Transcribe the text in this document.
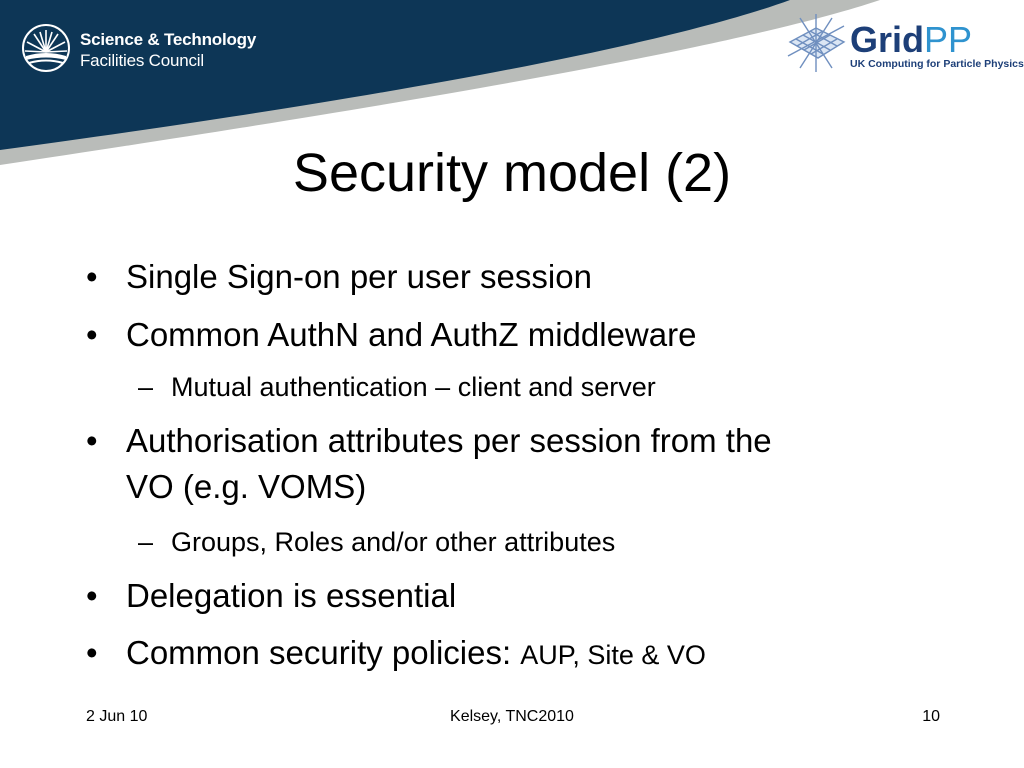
Science & Technology
Facilities Council
GridPP
UK Computing for Particle Physics
Security model (2)
• Single Sign-on per user session
• Common AuthN and AuthZ middleware
– Mutual authentication – client and server
• Authorisation attributes per session from the
VO (e.g. VOMS)
– Groups, Roles and/or other attributes
• Delegation is essential
• Common security policies: AUP, Site & VO
2 Jun 10	Kelsey, TNC2010	10
